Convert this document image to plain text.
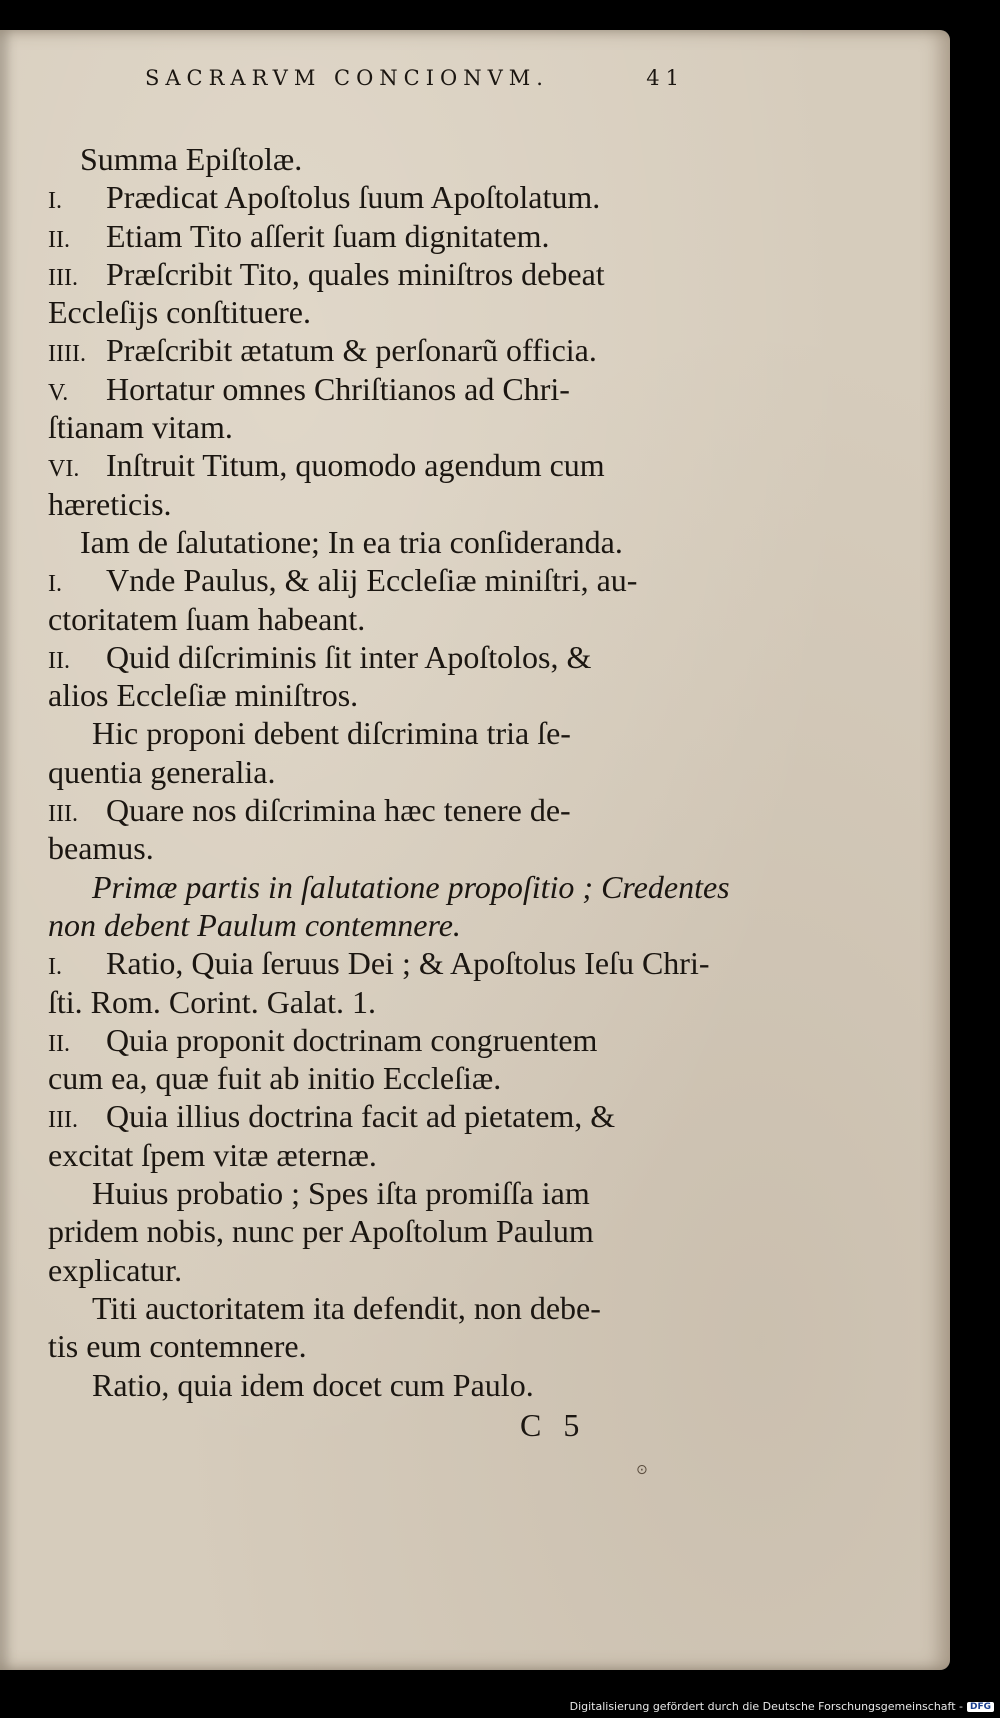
SACRARVM CONCIONVM.	41
Summa Epiſtolæ.
I. Prædicat Apoſtolus ſuum Apoſtolatum.
II. Etiam Tito aſſerit ſuam dignitatem.
III. Præſcribit Tito, quales miniſtros debeat
Eccleſijs conſtituere.
IIII. Præſcribit ætatum & perſonarũ officia.
V. Hortatur omnes Chriſtianos ad Chri-
ſtianam vitam.
VI. Inſtruit Titum, quomodo agendum cum
hæreticis.
Iam de ſalutatione; In ea tria conſideranda.
I. Vnde Paulus, & alij Eccleſiæ miniſtri, au-
ctoritatem ſuam habeant.
II. Quid diſcriminis ſit inter Apoſtolos, &
alios Eccleſiæ miniſtros.
Hic proponi debent diſcrimina tria ſe-
quentia generalia.
III. Quare nos diſcrimina hæc tenere de-
beamus.
Primæ partis in ſalutatione propoſitio ; Credentes
non debent Paulum contemnere.
I. Ratio, Quia ſeruus Dei ; & Apoſtolus Ieſu Chri-
ſti. Rom. Corint. Galat. 1.
II. Quia proponit doctrinam congruentem
cum ea, quæ fuit ab initio Eccleſiæ.
III. Quia illius doctrina facit ad pietatem, &
excitat ſpem vitæ æternæ.
Huius probatio ; Spes iſta promiſſa iam
pridem nobis, nunc per Apoſtolum Paulum
explicatur.
Titi auctoritatem ita defendit, non debe-
tis eum contemnere.
Ratio, quia idem docet cum Paulo.
C 5
⊙
Digitalisierung gefördert durch die Deutsche Forschungsgemeinschaft - DFG
